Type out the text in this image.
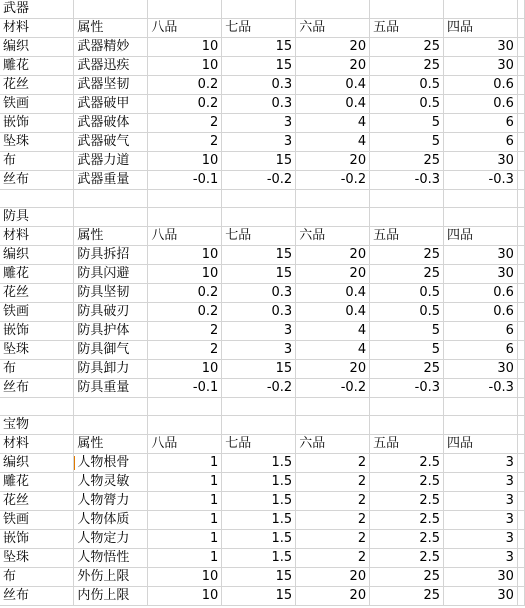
武器							
材料	属性	八品	七品	六品	五品	四品	
编织	武器精妙	10	15	20	25	30	
雕花	武器迅疾	10	15	20	25	30	
花丝	武器坚韧	0.2	0.3	0.4	0.5	0.6	
铁画	武器破甲	0.2	0.3	0.4	0.5	0.6	
嵌饰	武器破体	2	3	4	5	6	
坠珠	武器破气	2	3	4	5	6	
布	武器力道	10	15	20	25	30	
丝布	武器重量	-0.1	-0.2	-0.2	-0.3	-0.3	

防具							
材料	属性	八品	七品	六品	五品	四品	
编织	防具拆招	10	15	20	25	30	
雕花	防具闪避	10	15	20	25	30	
花丝	防具坚韧	0.2	0.3	0.4	0.5	0.6	
铁画	防具破刃	0.2	0.3	0.4	0.5	0.6	
嵌饰	防具护体	2	3	4	5	6	
坠珠	防具御气	2	3	4	5	6	
布	防具卸力	10	15	20	25	30	
丝布	防具重量	-0.1	-0.2	-0.2	-0.3	-0.3	

宝物							
材料	属性	八品	七品	六品	五品	四品	
编织	人物根骨	1	1.5	2	2.5	3	
雕花	人物灵敏	1	1.5	2	2.5	3	
花丝	人物膂力	1	1.5	2	2.5	3	
铁画	人物体质	1	1.5	2	2.5	3	
嵌饰	人物定力	1	1.5	2	2.5	3	
坠珠	人物悟性	1	1.5	2	2.5	3	
布	外伤上限	10	15	20	25	30	
丝布	内伤上限	10	15	20	25	30	
